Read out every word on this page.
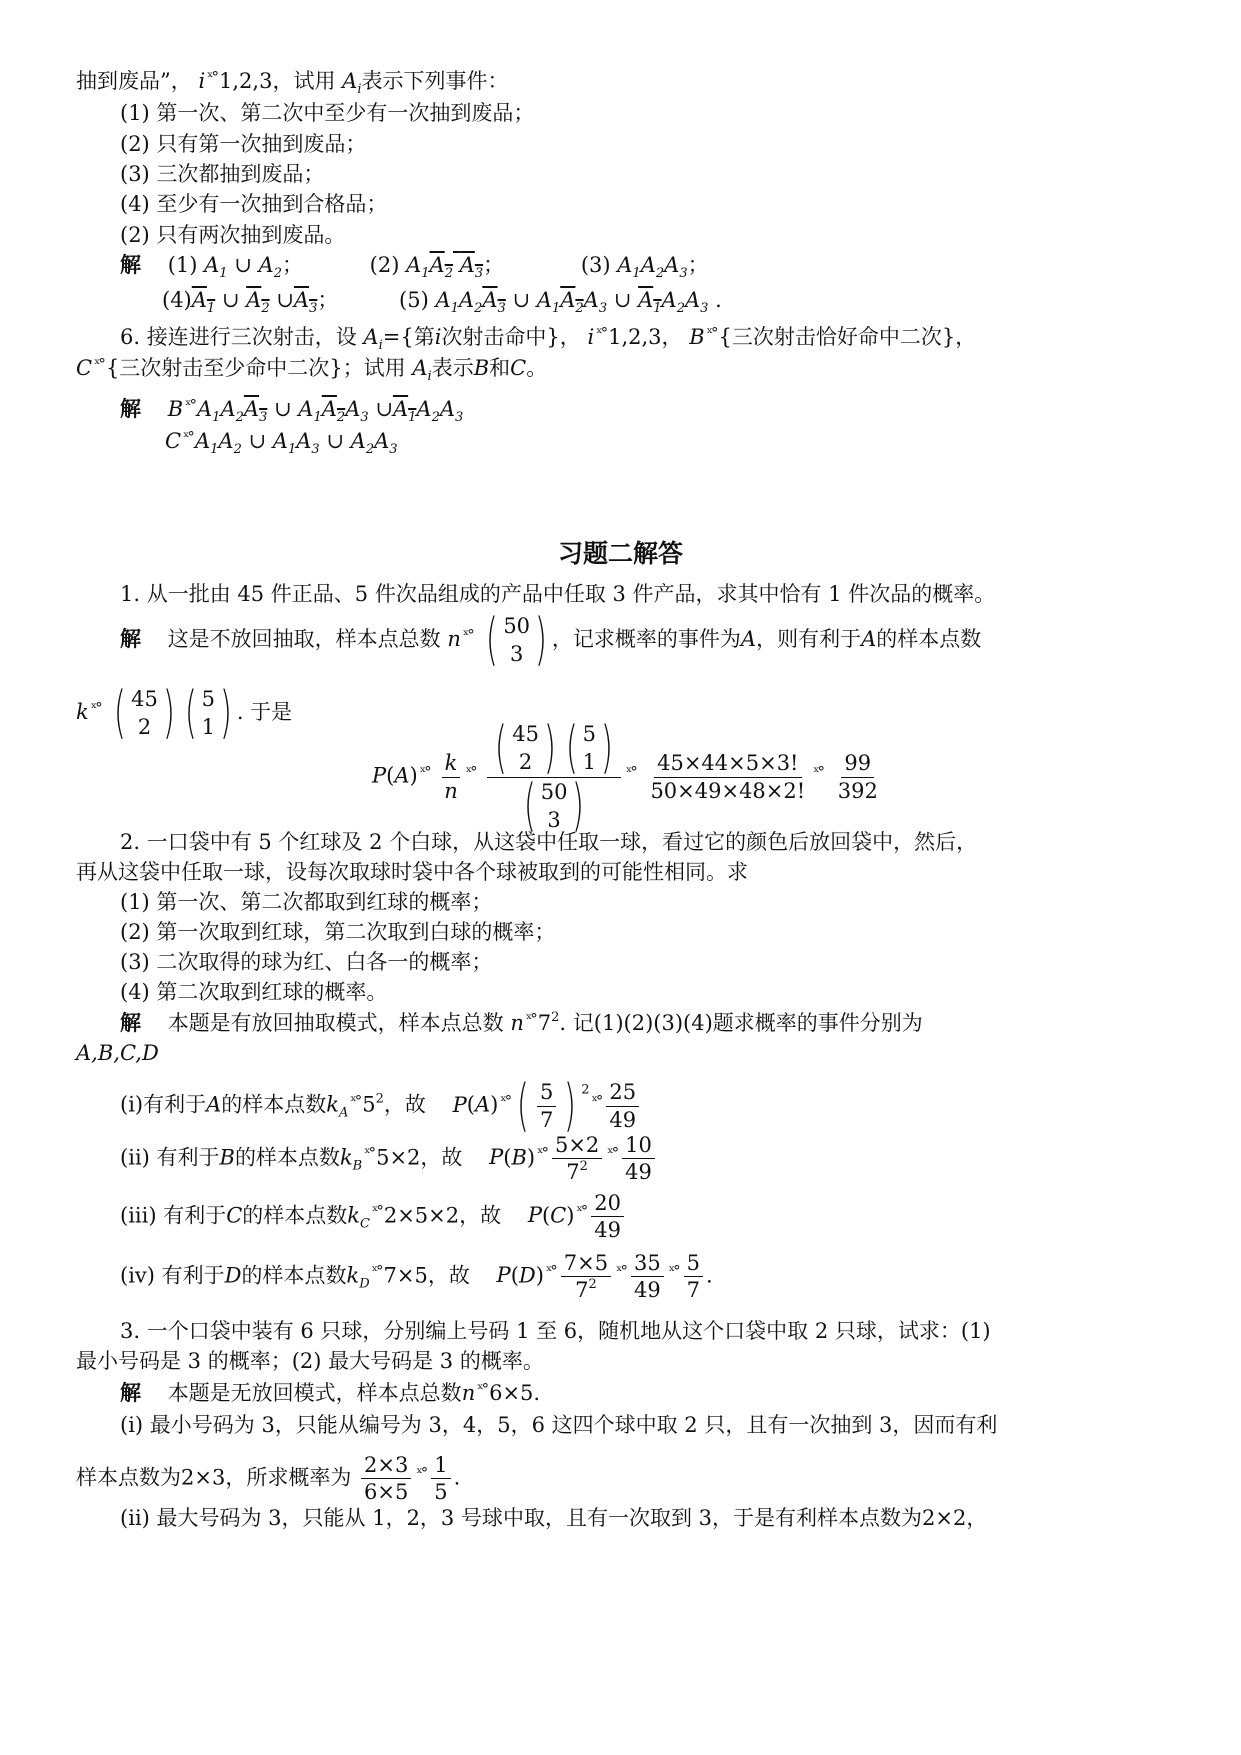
抽到废品”， i $^{ˣ^\circ}$1,2,3，试用 $A_i$表示下列事件：
(1) 第一次、第二次中至少有一次抽到废品；
(2) 只有第一次抽到废品；
(3) 三次都抽到废品；
(4) 至少有一次抽到合格品；
(2) 只有两次抽到废品。
解 (1) $A_1$ ∪ $A_2$；	(2) $A_1A_2$ $A_3$；	(3) $A_1A_2A_3$；
$(4)A_1$ ∪ $A_2$ $\cup A_3$；	(5) $A_1A_2A_3$ ∪ $A_1A_2A_3$ ∪ $A_1A_2A_3$ .
6. 接连进行三次射击，设 $A_i=${第i次射击命中}， i $^{ˣ^\circ}$1,2,3， B $^{ˣ^\circ}${三次射击恰好命中二次}，
C $^{ˣ^\circ}${三次射击至少命中二次}；试用 $A_i$表示B和C。
解 B $^{ˣ^\circ}A_1A_2A_3$ ∪ $A_1A_2A_3$ $\cup A_1A_2A_3$
C $^{ˣ^\circ}A_1A_2$ ∪ $A_1A_3$ ∪ $A_2A_3$
习题二解答
1. 从一批由 45 件正品、5 件次品组成的产品中任取 3 件产品，求其中恰有 1 件次品的概率。
解 这是不放回抽取，样本点总数 n $^{ˣ^\circ}$ ( 50
3 ) ，记求概率的事件为A，则有利于A的样本点数
k $^{ˣ^\circ}$ ( 45
2 ) ( 5
1 ) . 于是
P(A) $^{ˣ^\circ} \frac{k}{n} ^{ˣ^\circ}$ ( 45
2 ) ( 5
1 )
( 50
3 ) $^{ˣ^\circ} \frac{45\times 44\times 5\times 3!}{50\times 49\times 48\times 2!} ^{ˣ^\circ} \frac{99}{392}$
2. 一口袋中有 5 个红球及 2 个白球，从这袋中任取一球，看过它的颜色后放回袋中，然后，
再从这袋中任取一球，设每次取球时袋中各个球被取到的可能性相同。求
(1) 第一次、第二次都取到红球的概率；
(2) 第一次取到红球，第二次取到白球的概率；
(3) 二次取得的球为红、白各一的概率；
(4) 第二次取到红球的概率。
解 本题是有放回抽取模式，样本点总数 n $^{ˣ^\circ}7^2$. 记(1)(2)(3)(4)题求概率的事件分别为
A,B,C,D
(ⅰ)有利于A的样本点数$k_A^{ˣ^\circ}5^2$，故 P(A) $^{ˣ^\circ}$ ( $\frac{5}{7}$ ) $^{2ˣ^\circ} \frac{25}{49}$
(ⅱ) 有利于B的样本点数$k_B^{ˣ^\circ}5\times 2$，故 P(B) $^{ˣ^\circ} \frac{5\times 2}{7^2} ^{ˣ^\circ} \frac{10}{49}$
(iii) 有利于C的样本点数$k_C^{ˣ^\circ}2\times 5\times 2$，故 P(C) $^{ˣ^\circ} \frac{20}{49}$
(iv) 有利于D的样本点数$k_D^{ˣ^\circ}7\times 5$，故 P(D) $^{ˣ^\circ} \frac{7\times 5}{7^2} ^{ˣ^\circ} \frac{35}{49} ^{ˣ^\circ} \frac{5}{7}$ .
3. 一个口袋中装有 6 只球，分别编上号码 1 至 6，随机地从这个口袋中取 2 只球，试求：(1)
最小号码是 3 的概率；(2) 最大号码是 3 的概率。
解 本题是无放回模式，样本点总数n $^{ˣ^\circ}$6×5.
(ⅰ) 最小号码为 3，只能从编号为 3，4，5，6 这四个球中取 2 只，且有一次抽到 3，因而有利
样本点数为2×3，所求概率为 $\frac{2\times 3}{6\times 5} ^{ˣ^\circ} \frac{1}{5}$ .
(ⅱ) 最大号码为 3，只能从 1，2，3 号球中取，且有一次取到 3，于是有利样本点数为2×2，
